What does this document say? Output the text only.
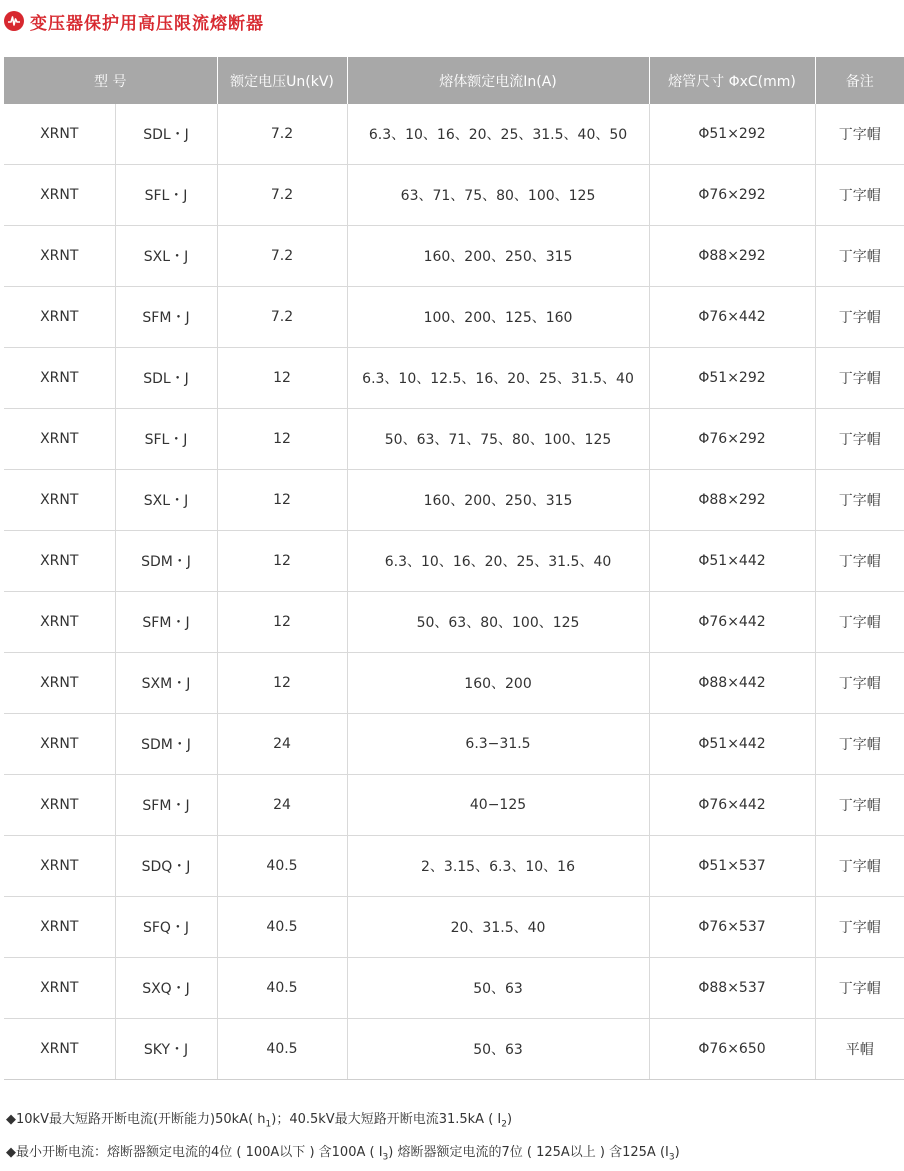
变压器保护用高压限流熔断器
型 号		额定电压Un(kV)	熔体额定电流In(A)	熔管尺寸 ΦxC(mm)	备注
XRNT	SDL・J	7.2	6.3、10、16、20、25、31.5、40、50	Φ51×292	丁字帽
XRNT	SFL・J	7.2	63、71、75、80、100、125	Φ76×292	丁字帽
XRNT	SXL・J	7.2	160、200、250、315	Φ88×292	丁字帽
XRNT	SFM・J	7.2	100、200、125、160	Φ76×442	丁字帽
XRNT	SDL・J	12	6.3、10、12.5、16、20、25、31.5、40	Φ51×292	丁字帽
XRNT	SFL・J	12	50、63、71、75、80、100、125	Φ76×292	丁字帽
XRNT	SXL・J	12	160、200、250、315	Φ88×292	丁字帽
XRNT	SDM・J	12	6.3、10、16、20、25、31.5、40	Φ51×442	丁字帽
XRNT	SFM・J	12	50、63、80、100、125	Φ76×442	丁字帽
XRNT	SXM・J	12	160、200	Φ88×442	丁字帽
XRNT	SDM・J	24	6.3−31.5	Φ51×442	丁字帽
XRNT	SFM・J	24	40−125	Φ76×442	丁字帽
XRNT	SDQ・J	40.5	2、3.15、6.3、10、16	Φ51×537	丁字帽
XRNT	SFQ・J	40.5	20、31.5、40	Φ76×537	丁字帽
XRNT	SXQ・J	40.5	50、63	Φ88×537	丁字帽
XRNT	SKY・J	40.5	50、63	Φ76×650	平帽
◆10kV最大短路开断电流(开断能力)50kA( $h_1$)；40.5kV最大短路开断电流31.5kA ( $I_2$)
◆最小开断电流：熔断器额定电流的4位 ( 100A以下 ) 含100A ( $I_3$) 熔断器额定电流的7位 ( 125A以上 ) 含125A $(I_3)$
